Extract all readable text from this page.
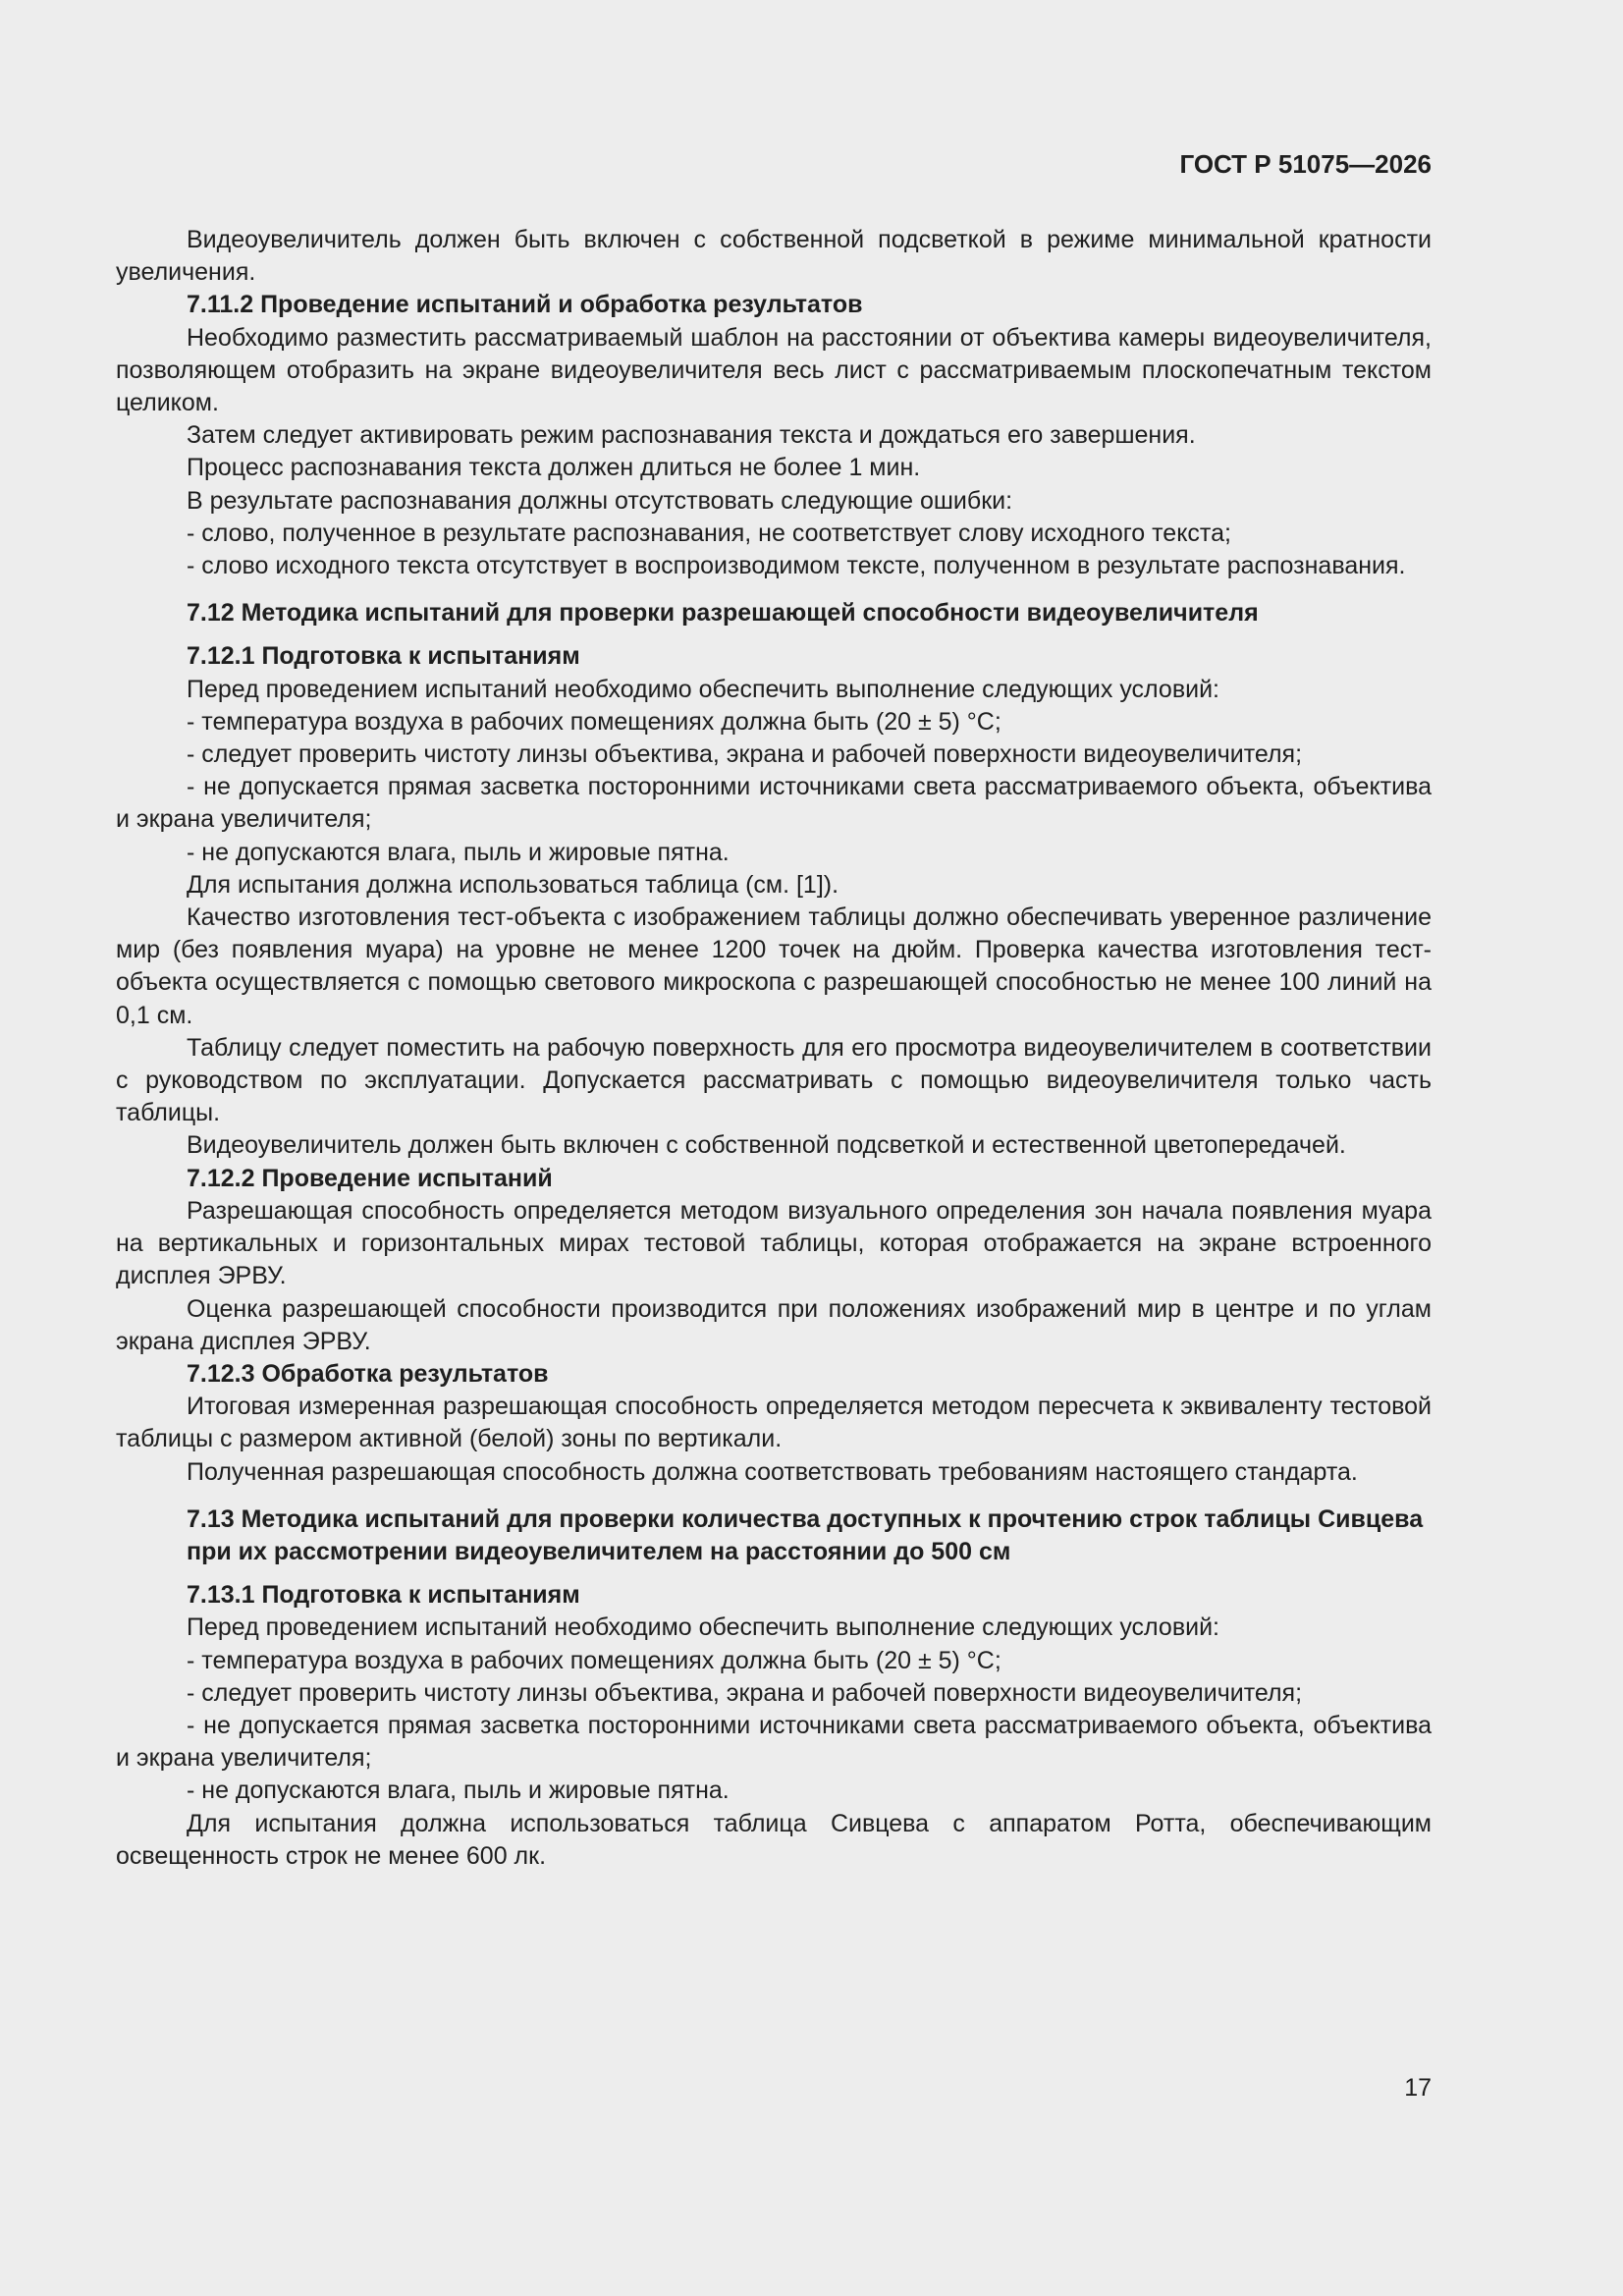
ГОСТ Р 51075—2026

Видеоувеличитель должен быть включен с собственной подсветкой в режиме минимальной кратности увеличения.

7.11.2 Проведение испытаний и обработка результатов

Необходимо разместить рассматриваемый шаблон на расстоянии от объектива камеры видеоувеличителя, позволяющем отобразить на экране видеоувеличителя весь лист с рассматриваемым плоскопечатным текстом целиком.

Затем следует активировать режим распознавания текста и дождаться его завершения.

Процесс распознавания текста должен длиться не более 1 мин.

В результате распознавания должны отсутствовать следующие ошибки:

- слово, полученное в результате распознавания, не соответствует слову исходного текста;

- слово исходного текста отсутствует в воспроизводимом тексте, полученном в результате распознавания.

7.12 Методика испытаний для проверки разрешающей способности видеоувеличителя

7.12.1 Подготовка к испытаниям

Перед проведением испытаний необходимо обеспечить выполнение следующих условий:

- температура воздуха в рабочих помещениях должна быть (20 ± 5) °С;

- следует проверить чистоту линзы объектива, экрана и рабочей поверхности видеоувеличителя;

- не допускается прямая засветка посторонними источниками света рассматриваемого объекта, объектива и экрана увеличителя;

- не допускаются влага, пыль и жировые пятна.

Для испытания должна использоваться таблица (см. [1]).

Качество изготовления тест-объекта с изображением таблицы должно обеспечивать уверенное различение мир (без появления муара) на уровне не менее 1200 точек на дюйм. Проверка качества изготовления тест-объекта осуществляется с помощью светового микроскопа с разрешающей способностью не менее 100 линий на 0,1 см.

Таблицу следует поместить на рабочую поверхность для его просмотра видеоувеличителем в соответствии с руководством по эксплуатации. Допускается рассматривать с помощью видеоувеличителя только часть таблицы.

Видеоувеличитель должен быть включен с собственной подсветкой и естественной цветопередачей.

7.12.2 Проведение испытаний

Разрешающая способность определяется методом визуального определения зон начала появления муара на вертикальных и горизонтальных мирах тестовой таблицы, которая отображается на экране встроенного дисплея ЭРВУ.

Оценка разрешающей способности производится при положениях изображений мир в центре и по углам экрана дисплея ЭРВУ.

7.12.3 Обработка результатов

Итоговая измеренная разрешающая способность определяется методом пересчета к эквиваленту тестовой таблицы с размером активной (белой) зоны по вертикали.

Полученная разрешающая способность должна соответствовать требованиям настоящего стандарта.

7.13 Методика испытаний для проверки количества доступных к прочтению строк таблицы Сивцева при их рассмотрении видеоувеличителем на расстоянии до 500 см

7.13.1 Подготовка к испытаниям

Перед проведением испытаний необходимо обеспечить выполнение следующих условий:

- температура воздуха в рабочих помещениях должна быть (20 ± 5) °С;

- следует проверить чистоту линзы объектива, экрана и рабочей поверхности видеоувеличителя;

- не допускается прямая засветка посторонними источниками света рассматриваемого объекта, объектива и экрана увеличителя;

- не допускаются влага, пыль и жировые пятна.

Для испытания должна использоваться таблица Сивцева с аппаратом Ротта, обеспечивающим освещенность строк не менее 600 лк.

17
